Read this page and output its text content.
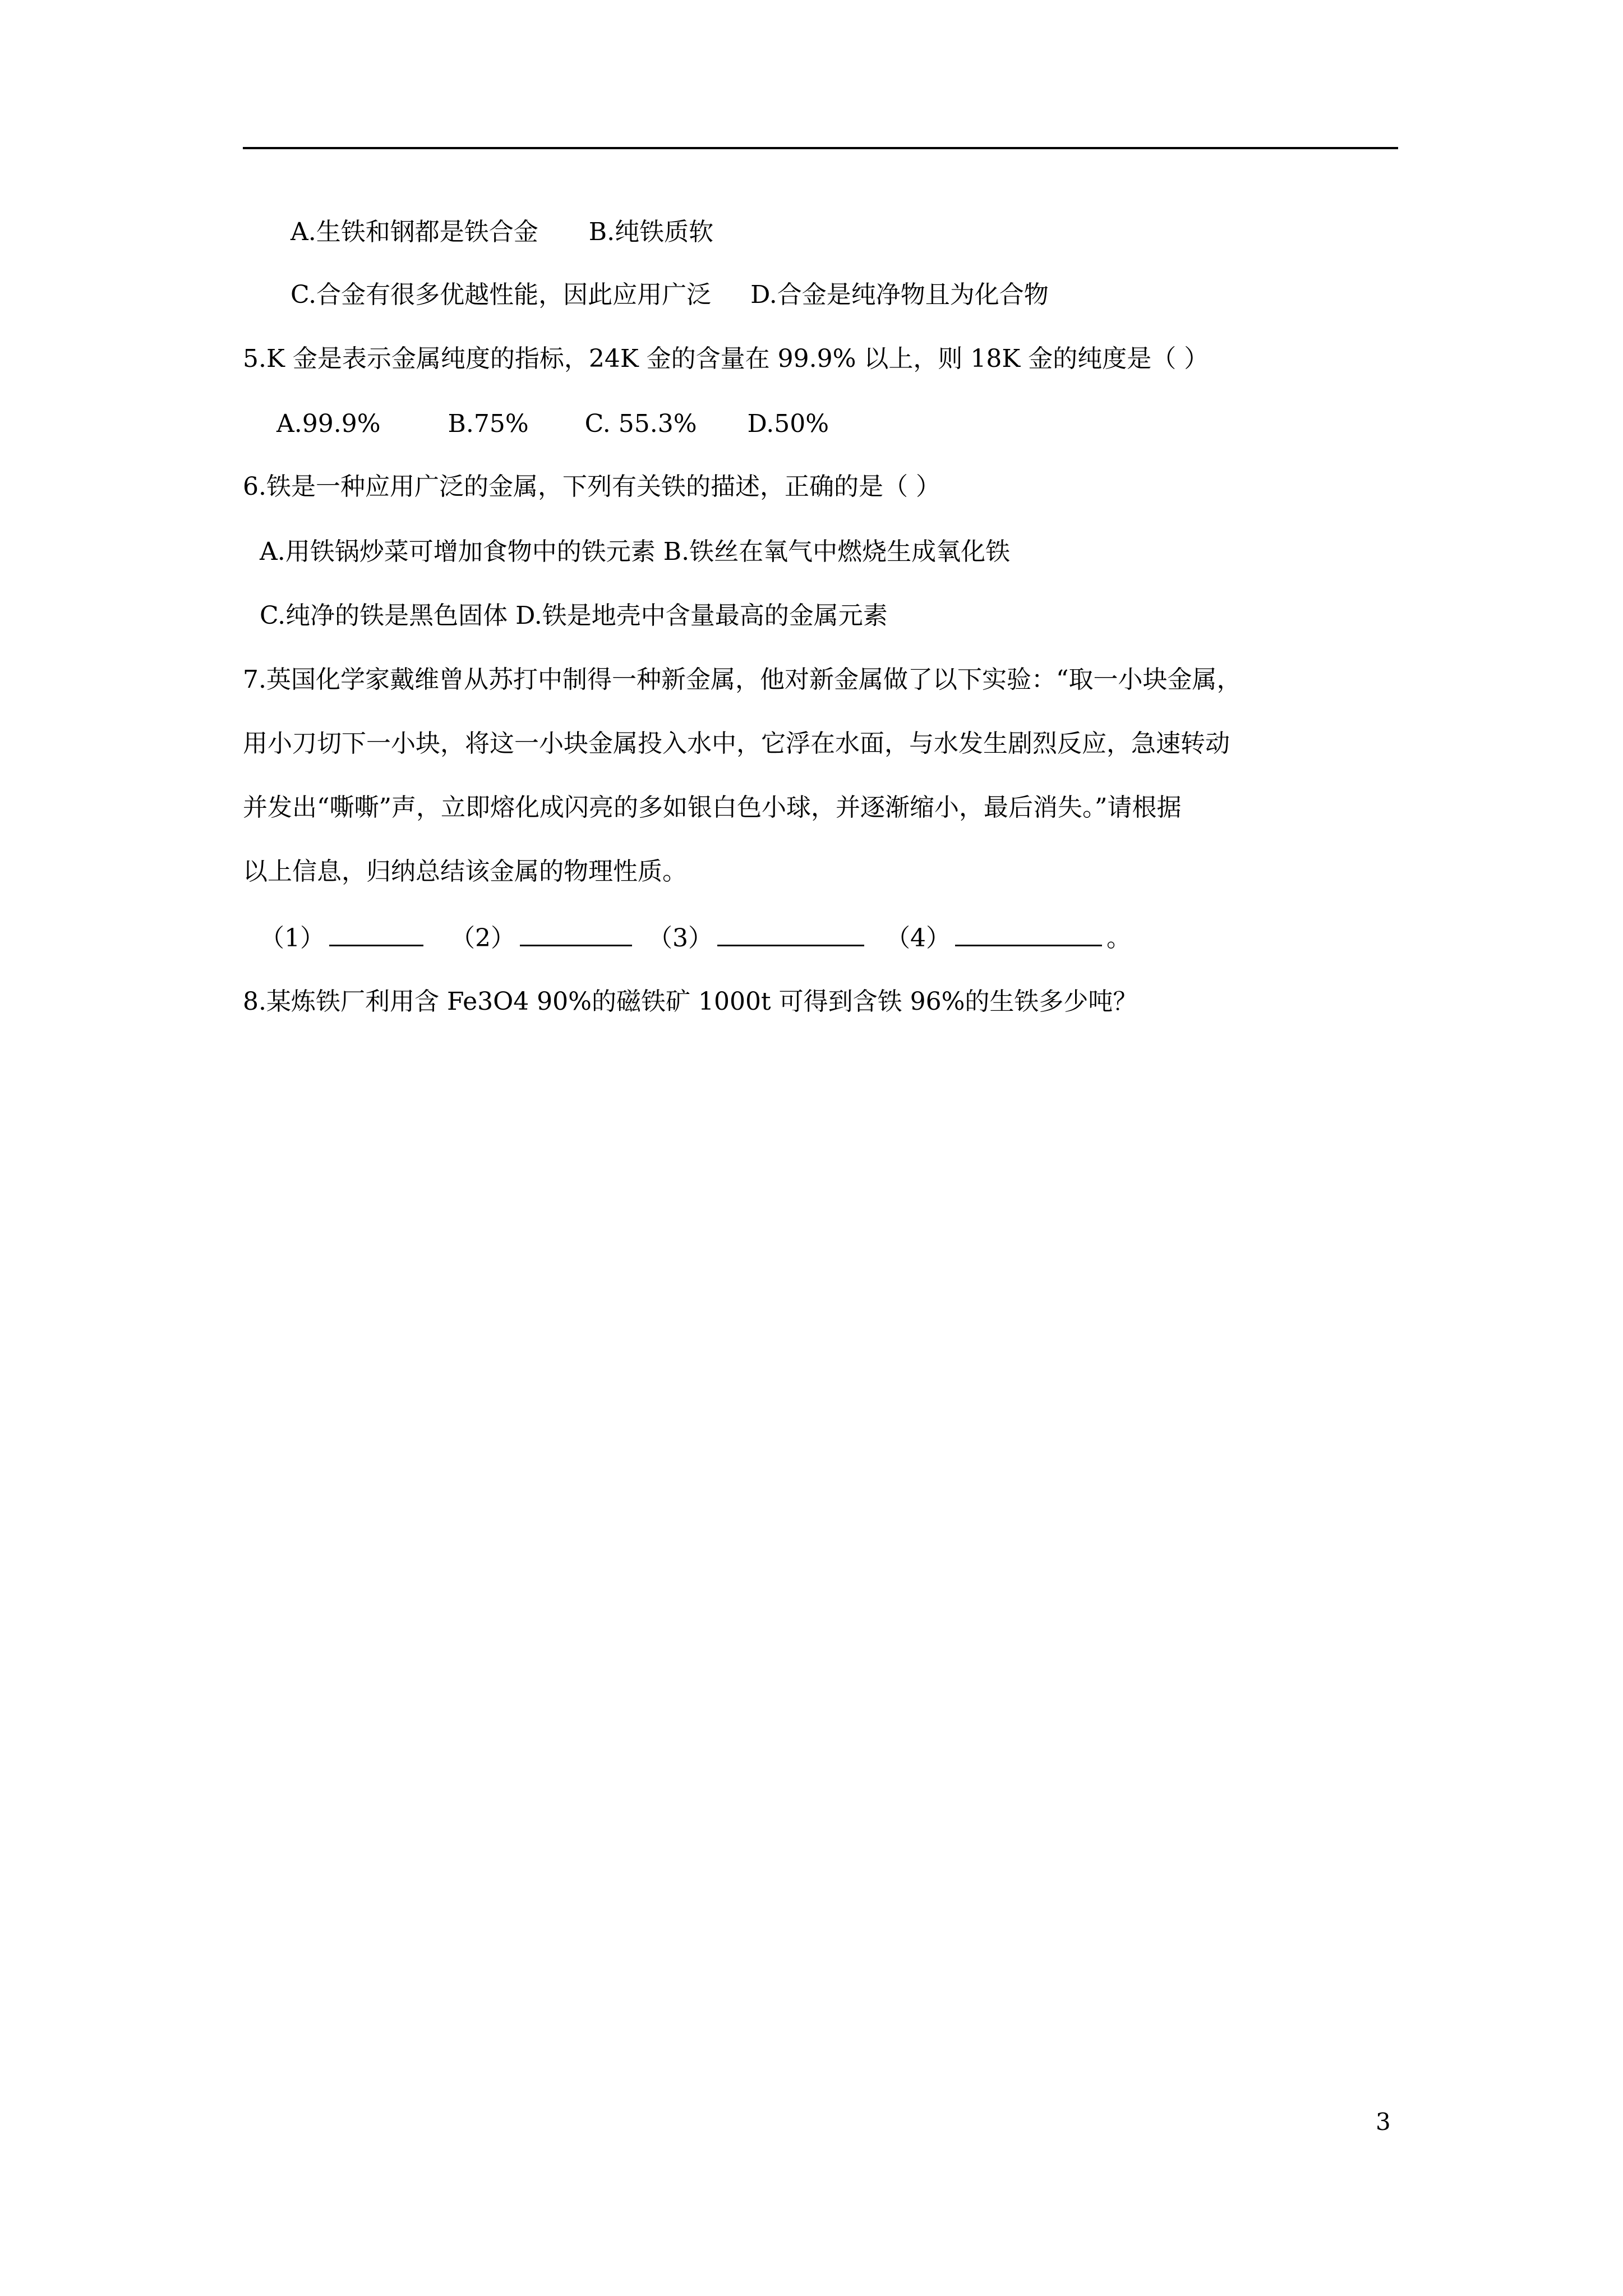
A.生铁和钢都是铁合金 B.纯铁质软
C.合金有很多优越性能，因此应用广泛 D.合金是纯净物且为化合物
5.K 金是表示金属纯度的指标，24K 金的含量在 99.9% 以上，则 18K 金的纯度是（ ）
A.99.9%	B.75% C. 55.3% D.50%
6.铁是一种应用广泛的金属，下列有关铁的描述，正确的是（ ）
A.用铁锅炒菜可增加食物中的铁元素 B.铁丝在氧气中燃烧生成氧化铁
C.纯净的铁是黑色固体 D.铁是地壳中含量最高的金属元素
7.英国化学家戴维曾从苏打中制得一种新金属，他对新金属做了以下实验：“取一小块金属，
用小刀切下一小块，将这一小块金属投入水中，它浮在水面，与水发生剧烈反应，急速转动
并发出“嘶嘶”声，立即熔化成闪亮的多如银白色小球，并逐渐缩小，最后消失。”请根据
以上信息，归纳总结该金属的物理性质。
（1）	（2）	（3）	（4）	。
8.某炼铁厂利用含 Fe3O4 90%的磁铁矿 1000t 可得到含铁 96%的生铁多少吨？
3
